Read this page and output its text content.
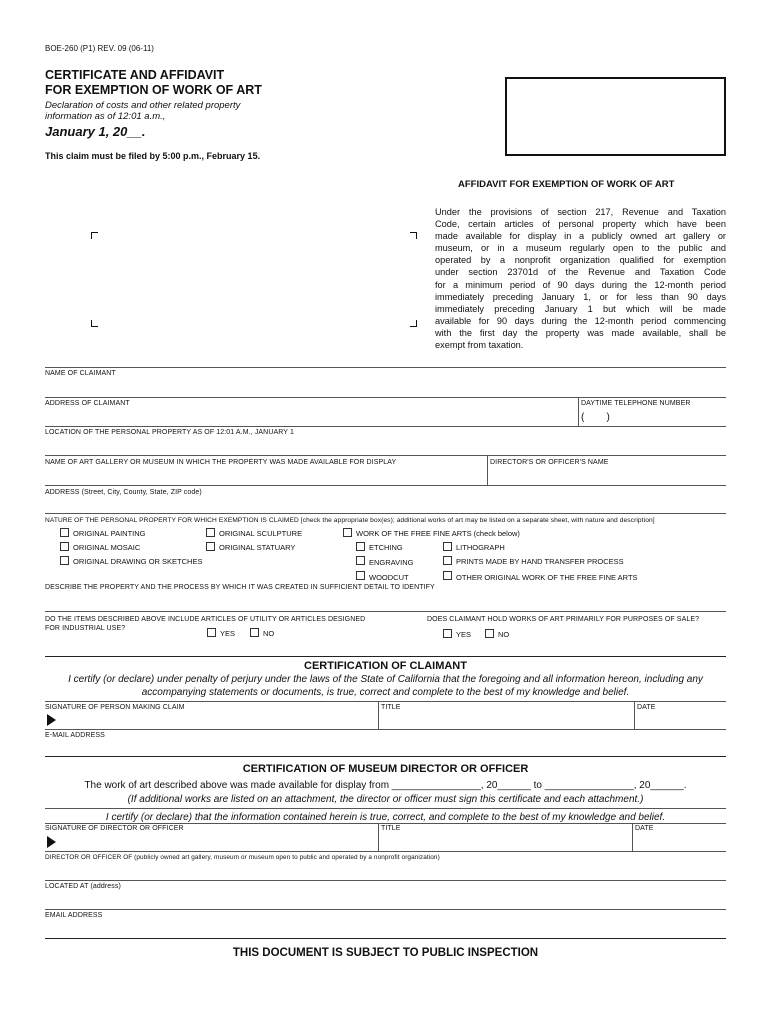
BOE-260 (P1) REV. 09 (06-11)
CERTIFICATE AND AFFIDAVIT
FOR EXEMPTION OF WORK OF ART
Declaration of costs and other related property
information as of 12:01 a.m.,
January 1, 20__.
This claim must be filed by 5:00 p.m., February 15.
AFFIDAVIT FOR EXEMPTION OF WORK OF ART
Under the provisions of section 217, Revenue and Taxation
Code, certain articles of personal property which have been
made available for display in a publicly owned art gallery or
museum, or in a museum regularly open to the public and
operated by a nonprofit organization qualified for exemption
under section 23701d of the Revenue and Taxation Code
for a minimum period of 90 days during the 12-month period
immediately preceding January 1, or for less than 90 days
immediately preceding January 1 but which will be made
available for 90 days during the 12-month period commencing
with the first day the property was made available, shall be
exempt from taxation.
NAME OF CLAIMANT
ADDRESS OF CLAIMANT	DAYTIME TELEPHONE NUMBER
(        )
LOCATION OF THE PERSONAL PROPERTY AS OF 12:01 A.M., JANUARY 1
NAME OF ART GALLERY OR MUSEUM IN WHICH THE PROPERTY WAS MADE AVAILABLE FOR DISPLAY	DIRECTOR'S OR OFFICER'S NAME
ADDRESS (Street, City, County, State, ZIP code)
NATURE OF THE PERSONAL PROPERTY FOR WHICH EXEMPTION IS CLAIMED [check the appropriate box(es); additional works of art may be listed on a separate sheet, with nature and description]
ORIGINAL PAINTING
ORIGINAL MOSAIC
ORIGINAL DRAWING OR SKETCHES
ORIGINAL SCULPTURE
ORIGINAL STATUARY
WORK OF THE FREE FINE ARTS (check below)
ETCHING
ENGRAVING
WOODCUT
LITHOGRAPH
PRINTS MADE BY HAND TRANSFER PROCESS
OTHER ORIGINAL WORK OF THE FREE FINE ARTS
DESCRIBE THE PROPERTY AND THE PROCESS BY WHICH IT WAS CREATED IN SUFFICIENT DETAIL TO IDENTIFY
DO THE ITEMS DESCRIBED ABOVE INCLUDE ARTICLES OF UTILITY OR ARTICLES DESIGNED
FOR INDUSTRIAL USE?
YES	NO
DOES CLAIMANT HOLD WORKS OF ART PRIMARILY FOR PURPOSES OF SALE?
YES	NO
CERTIFICATION OF CLAIMANT
I certify (or declare) under penalty of perjury under the laws of the State of California that the foregoing and all information hereon, including any
accompanying statements or documents, is true, correct and complete to the best of my knowledge and belief.
SIGNATURE OF PERSON MAKING CLAIM	TITLE	DATE
E-MAIL ADDRESS
CERTIFICATION OF MUSEUM DIRECTOR OR OFFICER
The work of art described above was made available for display from ________________, 20______ to ________________, 20______.
(If additional works are listed on an attachment, the director or officer must sign this certificate and each attachment.)
I certify (or declare) that the information contained herein is true, correct, and complete to the best of my knowledge and belief.
SIGNATURE OF DIRECTOR OR OFFICER	TITLE	DATE
DIRECTOR OR OFFICER OF (publicly owned art gallery, museum or museum open to public and operated by a nonprofit organization)
LOCATED AT (address)
EMAIL ADDRESS
THIS DOCUMENT IS SUBJECT TO PUBLIC INSPECTION
